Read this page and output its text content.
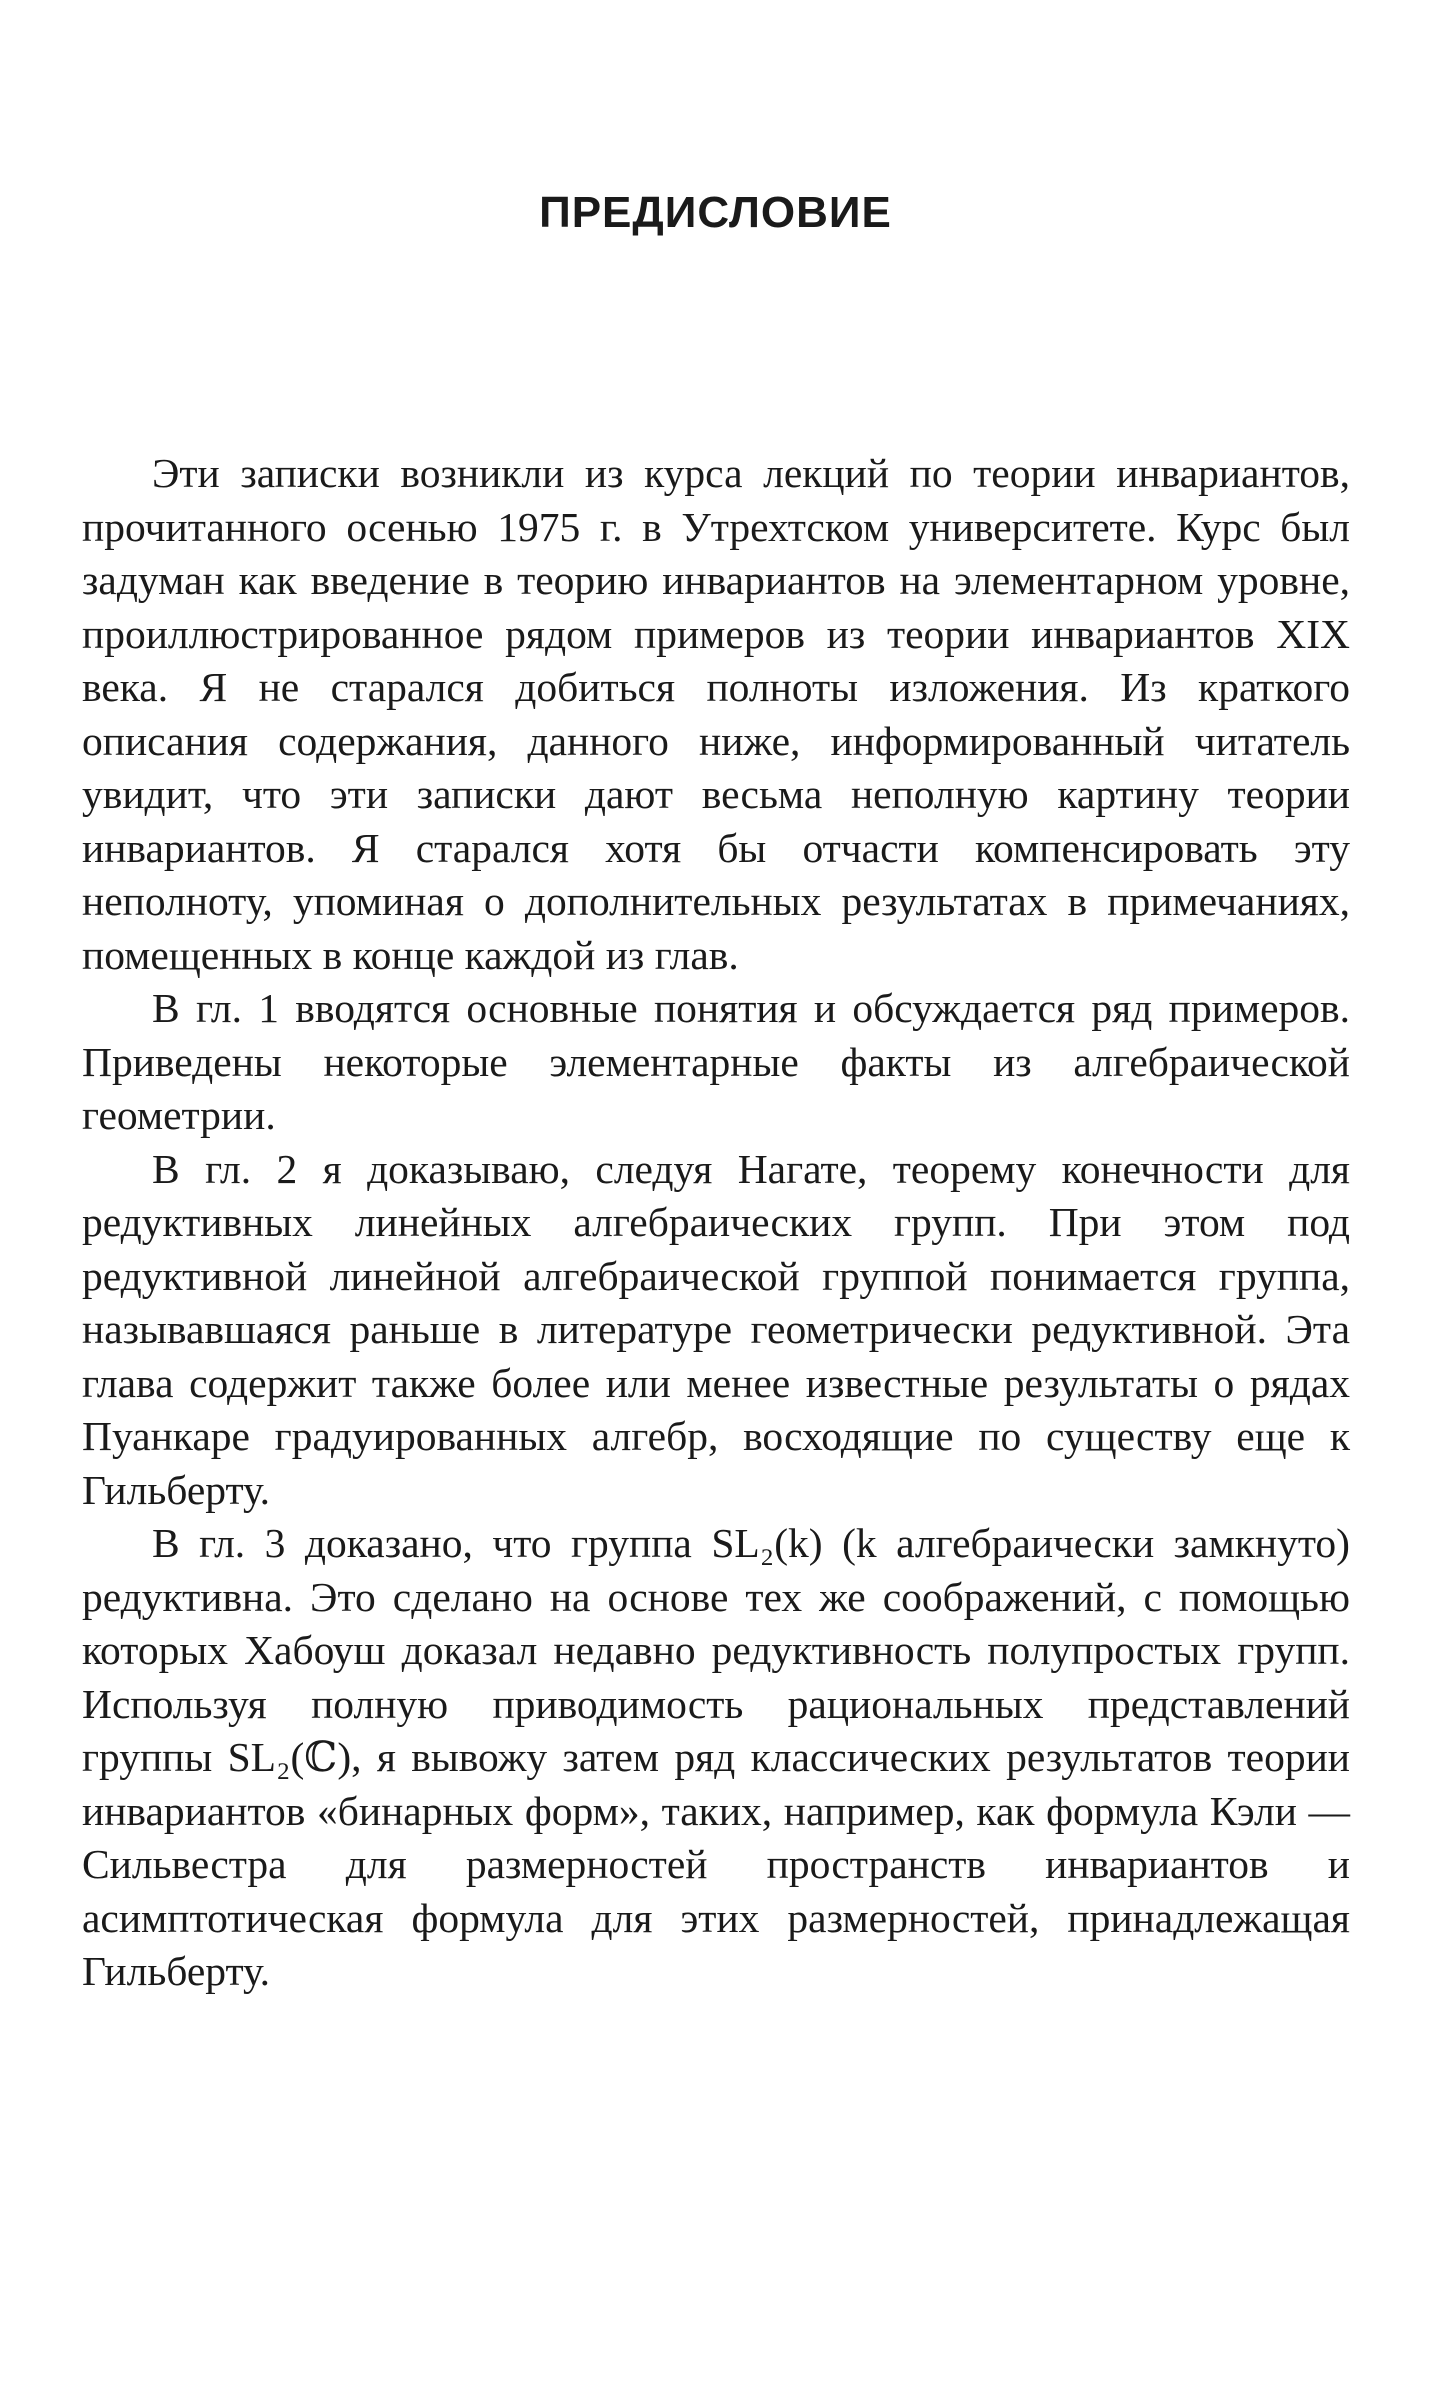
ПРЕДИСЛОВИЕ

Эти записки возникли из курса лекций по теории инвариантов, прочитанного осенью 1975 г. в Утрехтском университете. Курс был задуман как введение в теорию инвариантов на элементарном уровне, проиллюстрированное рядом примеров из теории инвариантов XIX века. Я не старался добиться полноты изложения. Из краткого описания содержания, данного ниже, информированный читатель увидит, что эти записки дают весьма неполную картину теории инвариантов. Я старался хотя бы отчасти компенсировать эту неполноту, упоминая о дополнительных результатах в примечаниях, помещенных в конце каждой из глав.

В гл. 1 вводятся основные понятия и обсуждается ряд примеров. Приведены некоторые элементарные факты из алгебраической геометрии.

В гл. 2 я доказываю, следуя Нагате, теорему конечности для редуктивных линейных алгебраических групп. При этом под редуктивной линейной алгебраической группой понимается группа, называвшаяся раньше в литературе геометрически редуктивной. Эта глава содержит также более или менее известные результаты о рядах Пуанкаре градуированных алгебр, восходящие по существу еще к Гильберту.

В гл. 3 доказано, что группа SL₂(k) (k алгебраически замкнуто) редуктивна. Это сделано на основе тех же соображений, с помощью которых Хабоуш доказал недавно редуктивность полупростых групп. Используя полную приводимость рациональных представлений группы SL₂(ℂ), я вывожу затем ряд классических результатов теории инвариантов «бинарных форм», таких, например, как формула Кэли — Сильвестра для размерностей пространств инвариантов и асимптотическая формула для этих размерностей, принадлежащая Гильберту.
